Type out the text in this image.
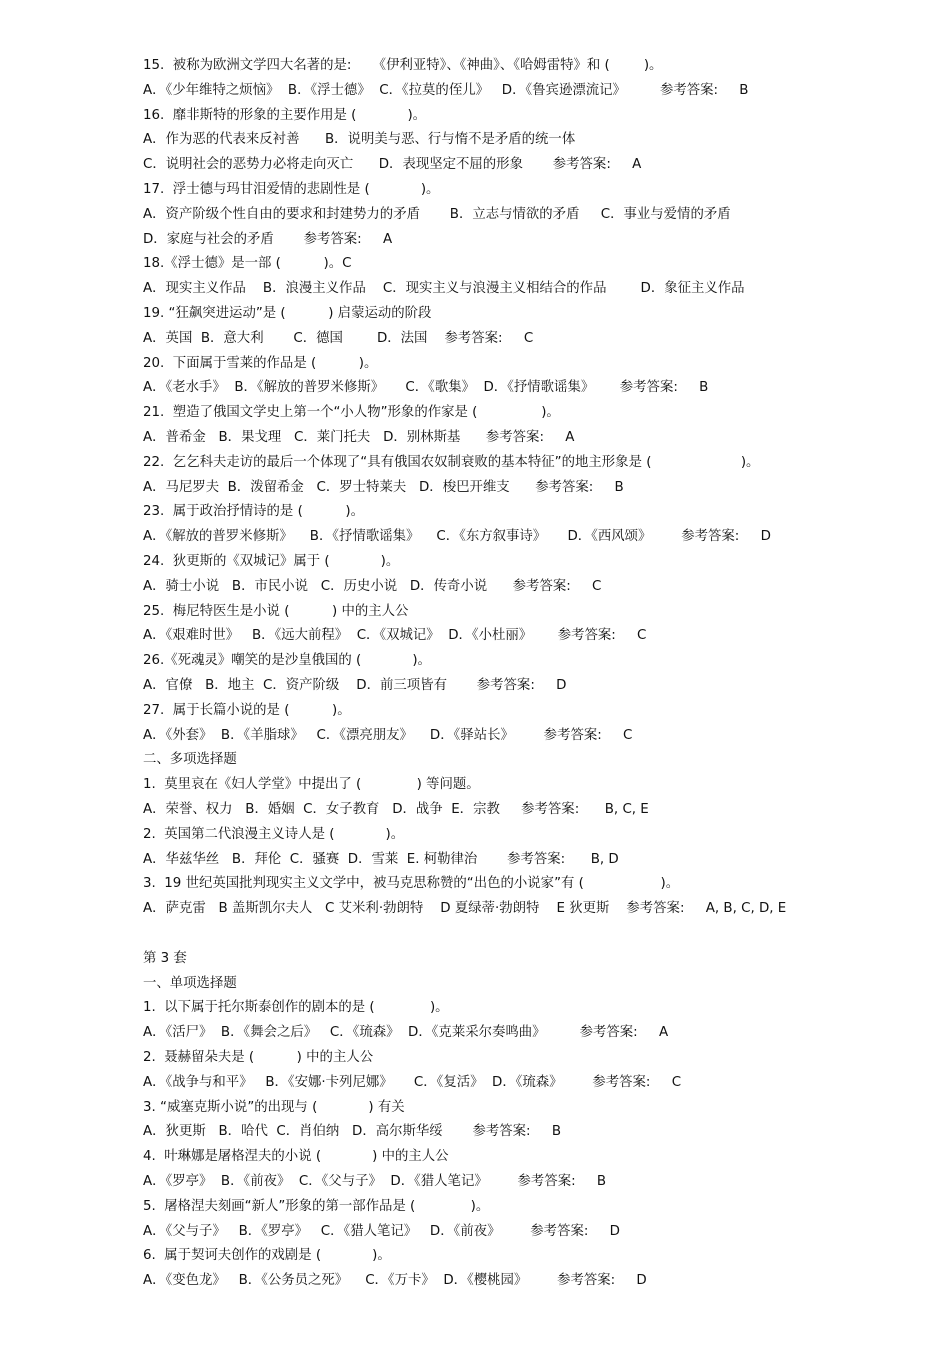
15.  被称为欧洲文学四大名著的是:     《伊利亚特》、《神曲》、《哈姆雷特》和 (        )。
A．《少年维特之烦恼》  B．《浮士德》  C．《拉莫的侄儿》   D．《鲁宾逊漂流记》        参考答案:     B
16.  靡非斯特的形象的主要作用是 (            )。
A．作为恶的代表来反衬善      B．说明美与恶、行与惰不是矛盾的统一体
C．说明社会的恶势力必将走向灭亡      D．表现坚定不屈的形象       参考答案:     A
17.  浮士德与玛甘泪爱情的悲剧性是 (            )。
A．资产阶级个性自由的要求和封建势力的矛盾       B．立志与情欲的矛盾     C．事业与爱情的矛盾
D．家庭与社会的矛盾       参考答案:     A
18.《浮士德》是一部 (          )。C
A．现实主义作品    B．浪漫主义作品    C．现实主义与浪漫主义相结合的作品        D．象征主义作品
19. “狂飙突进运动”是 (          ) 启蒙运动的阶段
A．英国  B．意大利       C．德国        D．法国    参考答案:     C
20.  下面属于雪莱的作品是 (          )。
A．《老水手》  B．《解放的普罗米修斯》     C．《歌集》  D．《抒情歌谣集》      参考答案:     B
21.  塑造了俄国文学史上第一个“小人物”形象的作家是 (               )。
A．普希金   B．果戈理   C．莱门托夫   D．别林斯基      参考答案:     A
22.  乞乞科夫走访的最后一个体现了“具有俄国农奴制衰败的基本特征”的地主形象是 (                     )。
A．马尼罗夫  B．泼留希金   C．罗士特莱夫   D．梭巴开维支      参考答案:     B
23.  属于政治抒情诗的是 (          )。
A．《解放的普罗米修斯》    B．《抒情歌谣集》    C．《东方叙事诗》     D．《西风颂》       参考答案:     D
24.  狄更斯的《双城记》属于 (            )。
A．骑士小说   B．市民小说   C．历史小说   D．传奇小说      参考答案:     C
25.  梅尼特医生是小说 (          ) 中的主人公
A．《艰难时世》   B．《远大前程》  C．《双城记》  D．《小杜丽》      参考答案:     C
26.《死魂灵》嘲笑的是沙皇俄国的 (            )。
A．官僚   B．地主  C．资产阶级    D．前三项皆有       参考答案:     D
27.  属于长篇小说的是 (          )。
A．《外套》  B．《羊脂球》   C．《漂亮朋友》    D．《驿站长》       参考答案:     C
二、多项选择题
1.  莫里哀在《妇人学堂》中提出了 (             ) 等问题。
A．荣誉、权力   B．婚姻  C．女子教育   D．战争  E．宗教     参考答案:      B, C, E
2.  英国第二代浪漫主义诗人是 (            )。
A．华兹华丝   B．拜伦  C．骚赛  D．雪莱  E. 柯勒律治       参考答案:      B, D
3.  19 世纪英国批判现实主义文学中，被马克思称赞的“出色的小说家”有 (                  )。
A．萨克雷   B 盖斯凯尔夫人   C 艾米利·勃朗特    D 夏绿蒂·勃朗特    E 狄更斯    参考答案:     A, B, C, D, E
第 3 套
一、单项选择题
1.  以下属于托尔斯泰创作的剧本的是 (             )。
A．《活尸》  B．《舞会之后》   C．《琉森》  D．《克莱采尔奏鸣曲》        参考答案:     A
2.  聂赫留朵夫是 (          ) 中的主人公
A．《战争与和平》   B．《安娜·卡列尼娜》     C．《复活》  D．《琉森》       参考答案:     C
3. “威塞克斯小说”的出现与 (            ) 有关
A．狄更斯   B．哈代  C．肖伯纳   D．高尔斯华绥       参考答案:     B
4.  叶琳娜是屠格涅夫的小说 (            ) 中的主人公
A．《罗亭》  B．《前夜》  C．《父与子》  D．《猎人笔记》       参考答案:     B
5.  屠格涅夫刻画“新人”形象的第一部作品是 (             )。
A．《父与子》   B．《罗亭》   C．《猎人笔记》   D．《前夜》       参考答案:     D
6.  属于契诃夫创作的戏剧是 (            )。
A．《变色龙》   B．《公务员之死》    C．《万卡》  D．《樱桃园》       参考答案:     D
